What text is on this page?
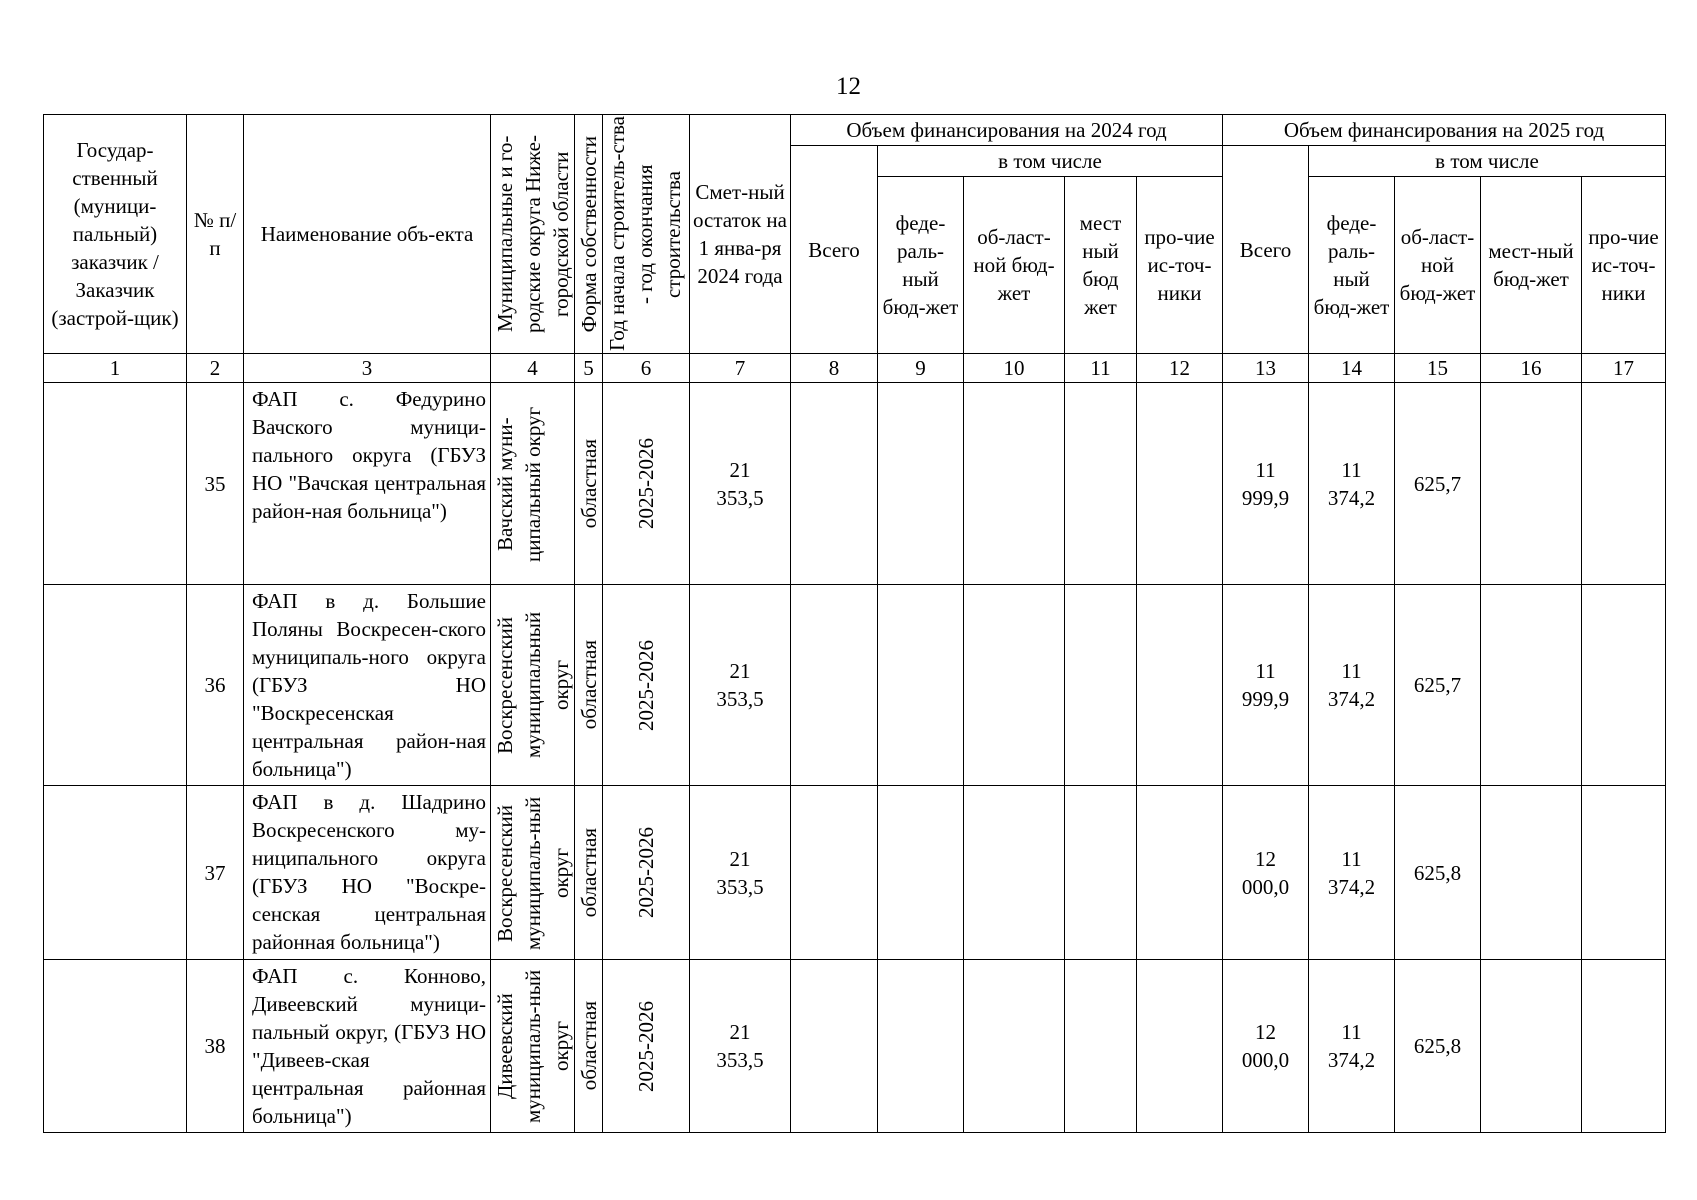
12
Государ-ственный (муници-пальный) заказчик / Заказчик (застрой-щик)	№ п/п	Наименование объ-екта	Муниципальные и го-родские округа Ниже-городской области	Форма собственности	Год начала строитель-ства - год окончания строительства	Смет-ный остаток на 1 янва-ря 2024 года	Объем финансирования на 2024 год					Объем финансирования на 2025 год				
							Всего	в том числе				Всего	в том числе			

								феде-раль-ный бюд-жет	об-ласт-ной бюд-жет	мест ный бюд жет	про-чие ис-точ-ники		феде-раль-ный бюд-жет	об-ласт-ной бюд-жет	мест-ный бюд-жет	про-чие ис-точ-ники

1	2	3	4	5	6	7	8	9	10	11	12	13	14	15	16	17
	35	ФАП с. Федурино Вачского муници-пального округа (ГБУЗ НО "Вачская центральная район-ная больница")	Вачский муни-ципальный округ	областная	2025-2026	21 353,5						11 999,9	11 374,2	625,7		
	36	ФАП в д. Большие Поляны Воскресен-ского муниципаль-ного округа (ГБУЗ НО "Воскресенская центральная район-ная больница")	Воскресенский муниципальный округ	областная	2025-2026	21 353,5						11 999,9	11 374,2	625,7		
	37	ФАП в д. Шадрино Воскресенского му-ниципального округа (ГБУЗ НО "Воскре-сенская центральная районная больница")	Воскресенский муниципаль-ный округ	областная	2025-2026	21 353,5						12 000,0	11 374,2	625,8		
	38	ФАП с. Конново, Дивеевский муници-пальный округ, (ГБУЗ НО "Дивеев-ская центральная районная больница")	Дивеевский муниципаль-ный округ	областная	2025-2026	21 353,5						12 000,0	11 374,2	625,8		
